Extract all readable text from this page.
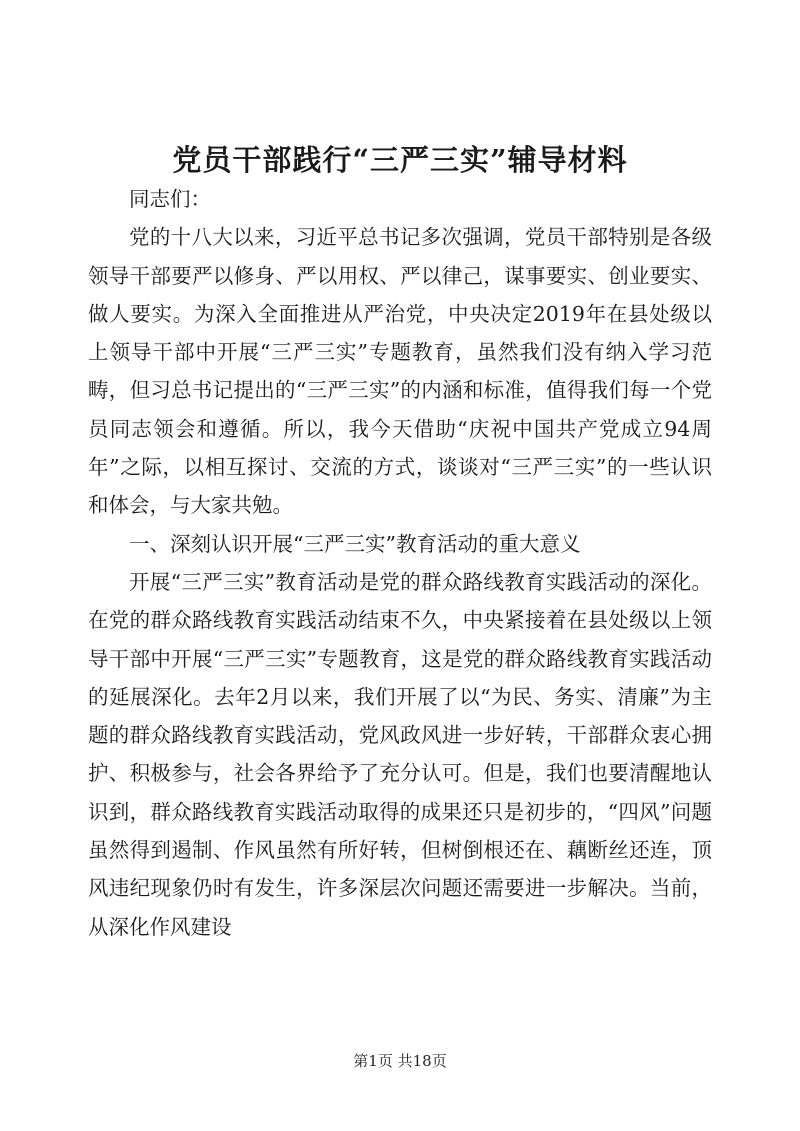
党员干部践行“三严三实”辅导材料

同志们：

党的十八大以来，习近平总书记多次强调，党员干部特别是各级领导干部要严以修身、严以用权、严以律己，谋事要实、创业要实、做人要实。为深入全面推进从严治党，中央决定2019年在县处级以上领导干部中开展“三严三实”专题教育，虽然我们没有纳入学习范畴，但习总书记提出的“三严三实”的内涵和标准，值得我们每一个党员同志领会和遵循。所以，我今天借助“庆祝中国共产党成立94周年”之际，以相互探讨、交流的方式，谈谈对“三严三实”的一些认识和体会，与大家共勉。

一、深刻认识开展“三严三实”教育活动的重大意义

开展“三严三实”教育活动是党的群众路线教育实践活动的深化。在党的群众路线教育实践活动结束不久，中央紧接着在县处级以上领导干部中开展“三严三实”专题教育，这是党的群众路线教育实践活动的延展深化。去年2月以来，我们开展了以“为民、务实、清廉”为主题的群众路线教育实践活动，党风政风进一步好转，干部群众衷心拥护、积极参与，社会各界给予了充分认可。但是，我们也要清醒地认识到，群众路线教育实践活动取得的成果还只是初步的，“四风”问题虽然得到遏制、作风虽然有所好转，但树倒根还在、藕断丝还连，顶风违纪现象仍时有发生，许多深层次问题还需要进一步解决。当前，从深化作风建设

第1页 共18页
